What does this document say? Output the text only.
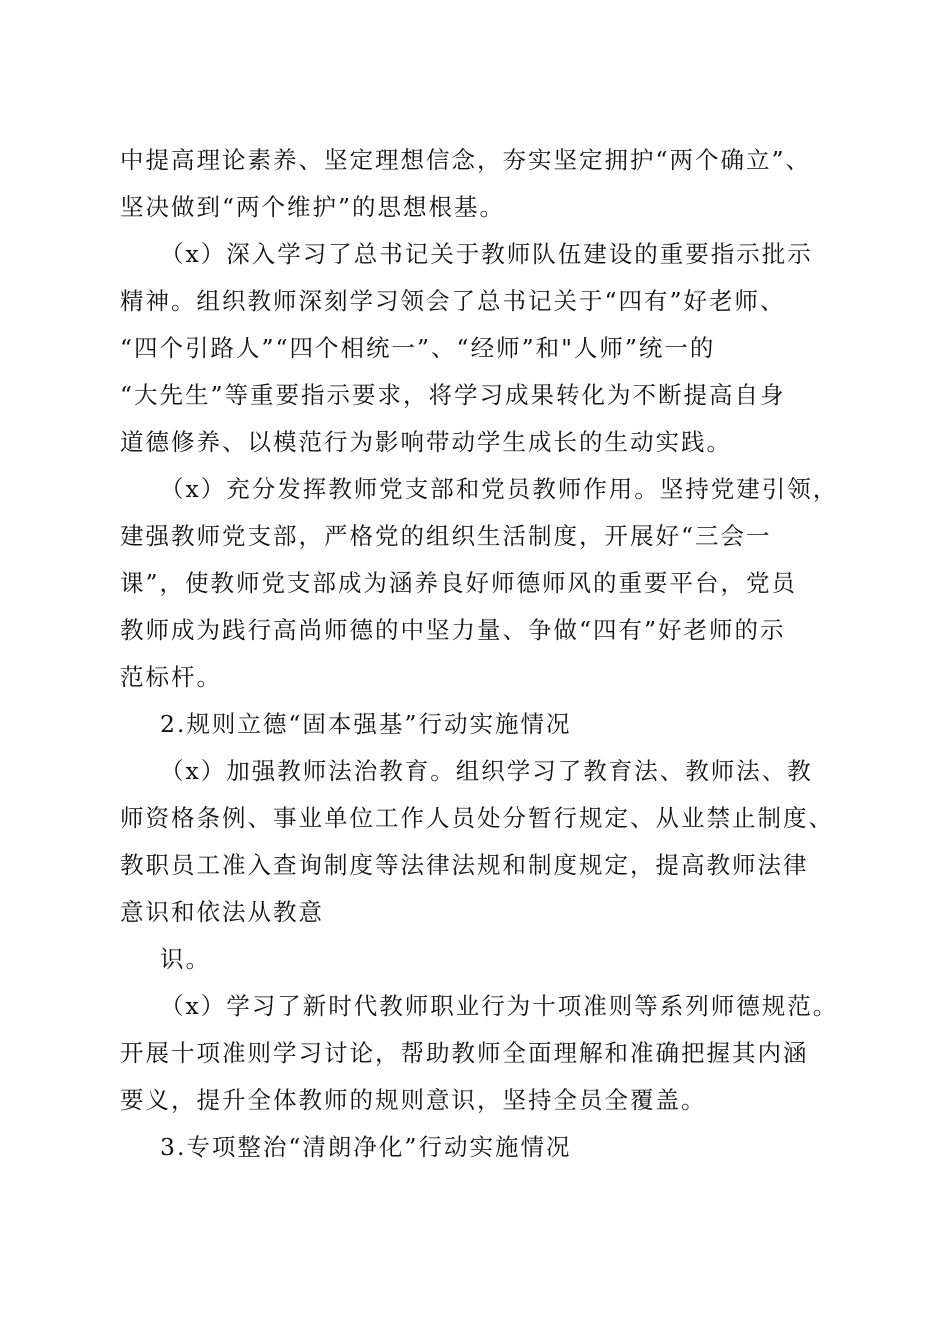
中提高理论素养、坚定理想信念，夯实坚定拥护“两个确立”、
坚决做到“两个维护”的思想根基。
（x）深入学习了总书记关于教师队伍建设的重要指示批示
精神。组织教师深刻学习领会了总书记关于“四有”好老师、
“四个引路人”“四个相统一”、“经师”和"人师”统一的
“大先生”等重要指示要求，将学习成果转化为不断提高自身
道德修养、以模范行为影响带动学生成长的生动实践。
（x）充分发挥教师党支部和党员教师作用。坚持党建引领，
建强教师党支部，严格党的组织生活制度，开展好“三会一
课”，使教师党支部成为涵养良好师德师风的重要平台，党员
教师成为践行高尚师德的中坚力量、争做“四有”好老师的示
范标杆。
2.规则立德“固本强基”行动实施情况
（x）加强教师法治教育。组织学习了教育法、教师法、教
师资格条例、事业单位工作人员处分暂行规定、从业禁止制度、
教职员工准入查询制度等法律法规和制度规定，提高教师法律
意识和依法从教意
识。
（x）学习了新时代教师职业行为十项准则等系列师德规范。
开展十项准则学习讨论，帮助教师全面理解和准确把握其内涵
要义，提升全体教师的规则意识，坚持全员全覆盖。
3.专项整治“清朗净化”行动实施情况
